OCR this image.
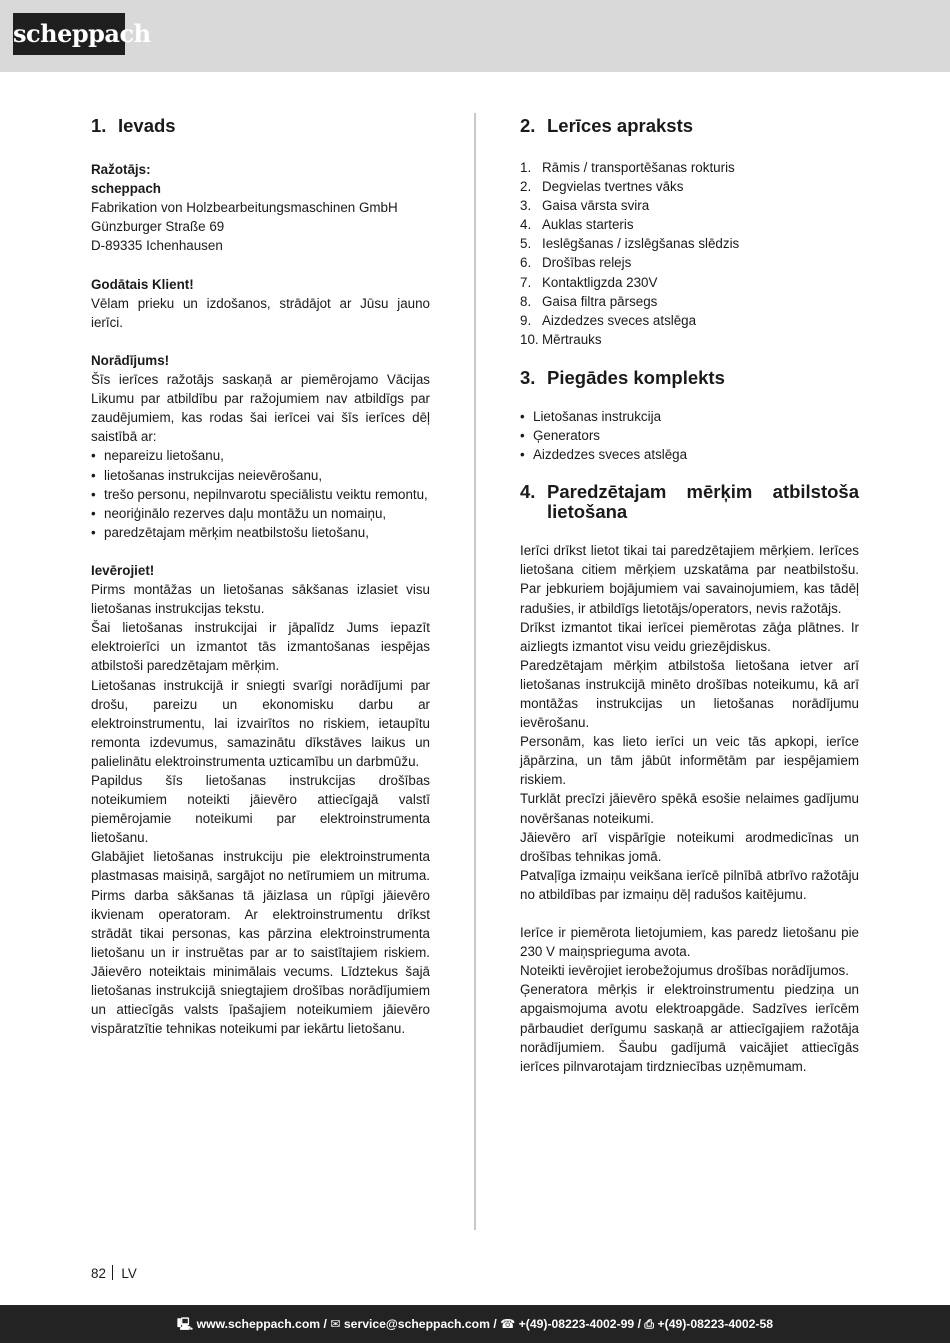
scheppach
1. Ievads

Ražotājs:

scheppach

Fabrikation von Holzbearbeitungsmaschinen GmbH

Günzburger Straße 69

D-89335 Ichenhausen

Godātais Klient!

Vēlam prieku un izdošanos, strādājot ar Jūsu jauno ierīci.

Norādījums!

Šīs ierīces ražotājs saskaņā ar piemērojamo Vācijas Likumu par atbildību par ražojumiem nav atbildīgs par zaudējumiem, kas rodas šai ierīcei vai šīs ierīces dēļ saistībā ar:

• nepareizu lietošanu,
• lietošanas instrukcijas neievērošanu,
• trešo personu, nepilnvarotu speciālistu veiktu remontu,
• neoriģinālo rezerves daļu montāžu un nomaiņu,
• paredzētajam mērķim neatbilstošu lietošanu,

Ievērojiet!

Pirms montāžas un lietošanas sākšanas izlasiet visu lietošanas instrukcijas tekstu.

Šai lietošanas instrukcijai ir jāpalīdz Jums iepazīt elektroierīci un izmantot tās izmantošanas iespējas atbilstoši paredzētajam mērķim.

Lietošanas instrukcijā ir sniegti svarīgi norādījumi par drošu, pareizu un ekonomisku darbu ar elektroinstrumentu, lai izvairītos no riskiem, ietaupītu remonta izdevumus, samazinātu dīkstāves laikus un palielinātu elektroinstrumenta uzticamību un darbmūžu.

Papildus šīs lietošanas instrukcijas drošības noteikumiem noteikti jāievēro attiecīgajā valstī piemērojamie noteikumi par elektroinstrumenta lietošanu.

Glabājiet lietošanas instrukciju pie elektroinstrumenta plastmasas maisiņā, sargājot no netīrumiem un mitruma. Pirms darba sākšanas tā jāizlasa un rūpīgi jāievēro ikvienam operatoram. Ar elektroinstrumentu drīkst strādāt tikai personas, kas pārzina elektroinstrumenta lietošanu un ir instruētas par ar to saistītajiem riskiem. Jāievēro noteiktais minimālais vecums. Līdztekus šajā lietošanas instrukcijā sniegtajiem drošības norādījumiem un attiecīgās valsts īpašajiem noteikumiem jāievēro vispāratzītie tehnikas noteikumi par iekārtu lietošanu.

2. Lerīces apraksts
1. Rāmis / transportēšanas rokturis
2. Degvielas tvertnes vāks
3. Gaisa vārsta svira
4. Auklas starteris
5. Ieslēgšanas / izslēgšanas slēdzis
6. Drošības relejs
7. Kontaktligzda 230V
8. Gaisa filtra pārsegs
9. Aizdedzes sveces atslēga
10. Mērtrauks
3. Piegādes komplekts
• Lietošanas instrukcija
• Ģenerators
• Aizdedzes sveces atslēga
4. Paredzētajam mērķim atbilstoša lietošana

Ierīci drīkst lietot tikai tai paredzētajiem mērķiem. Ierīces lietošana citiem mērķiem uzskatāma par neatbilstošu. Par jebkuriem bojājumiem vai savainojumiem, kas tādēļ radušies, ir atbildīgs lietotājs/operators, nevis ražotājs.

Drīkst izmantot tikai ierīcei piemērotas zāģa plātnes. Ir aizliegts izmantot visu veidu griezējdiskus.

Paredzētajam mērķim atbilstoša lietošana ietver arī lietošanas instrukcijā minēto drošības noteikumu, kā arī montāžas instrukcijas un lietošanas norādījumu ievērošanu.

Personām, kas lieto ierīci un veic tās apkopi, ierīce jāpārzina, un tām jābūt informētām par iespējamiem riskiem.

Turklāt precīzi jāievēro spēkā esošie nelaimes gadījumu novēršanas noteikumi.

Jāievēro arī vispārīgie noteikumi arodmedicīnas un drošības tehnikas jomā.

Patvaļīga izmaiņu veikšana ierīcē pilnībā atbrīvo ražotāju no atbildības par izmaiņu dēļ radušos kaitējumu.

Ierīce ir piemērota lietojumiem, kas paredz lietošanu pie 230 V maiņsprieguma avota.

Noteikti ievērojiet ierobežojumus drošības norādījumos.

Ģeneratora mērķis ir elektroinstrumentu piedziņa un apgaismojuma avotu elektroapgāde. Sadzīves ierīcēm pārbaudiet derīgumu saskaņā ar attiecīgajiem ražotāja norādījumiem. Šaubu gadījumā vaicājiet attiecīgās ierīces pilnvarotajam tirdzniecības uzņēmumam.

82 LV
🖳 www.scheppach.com / ✉ service@scheppach.com / ☎ +(49)-08223-4002-99 / ⎙ +(49)-08223-4002-58
